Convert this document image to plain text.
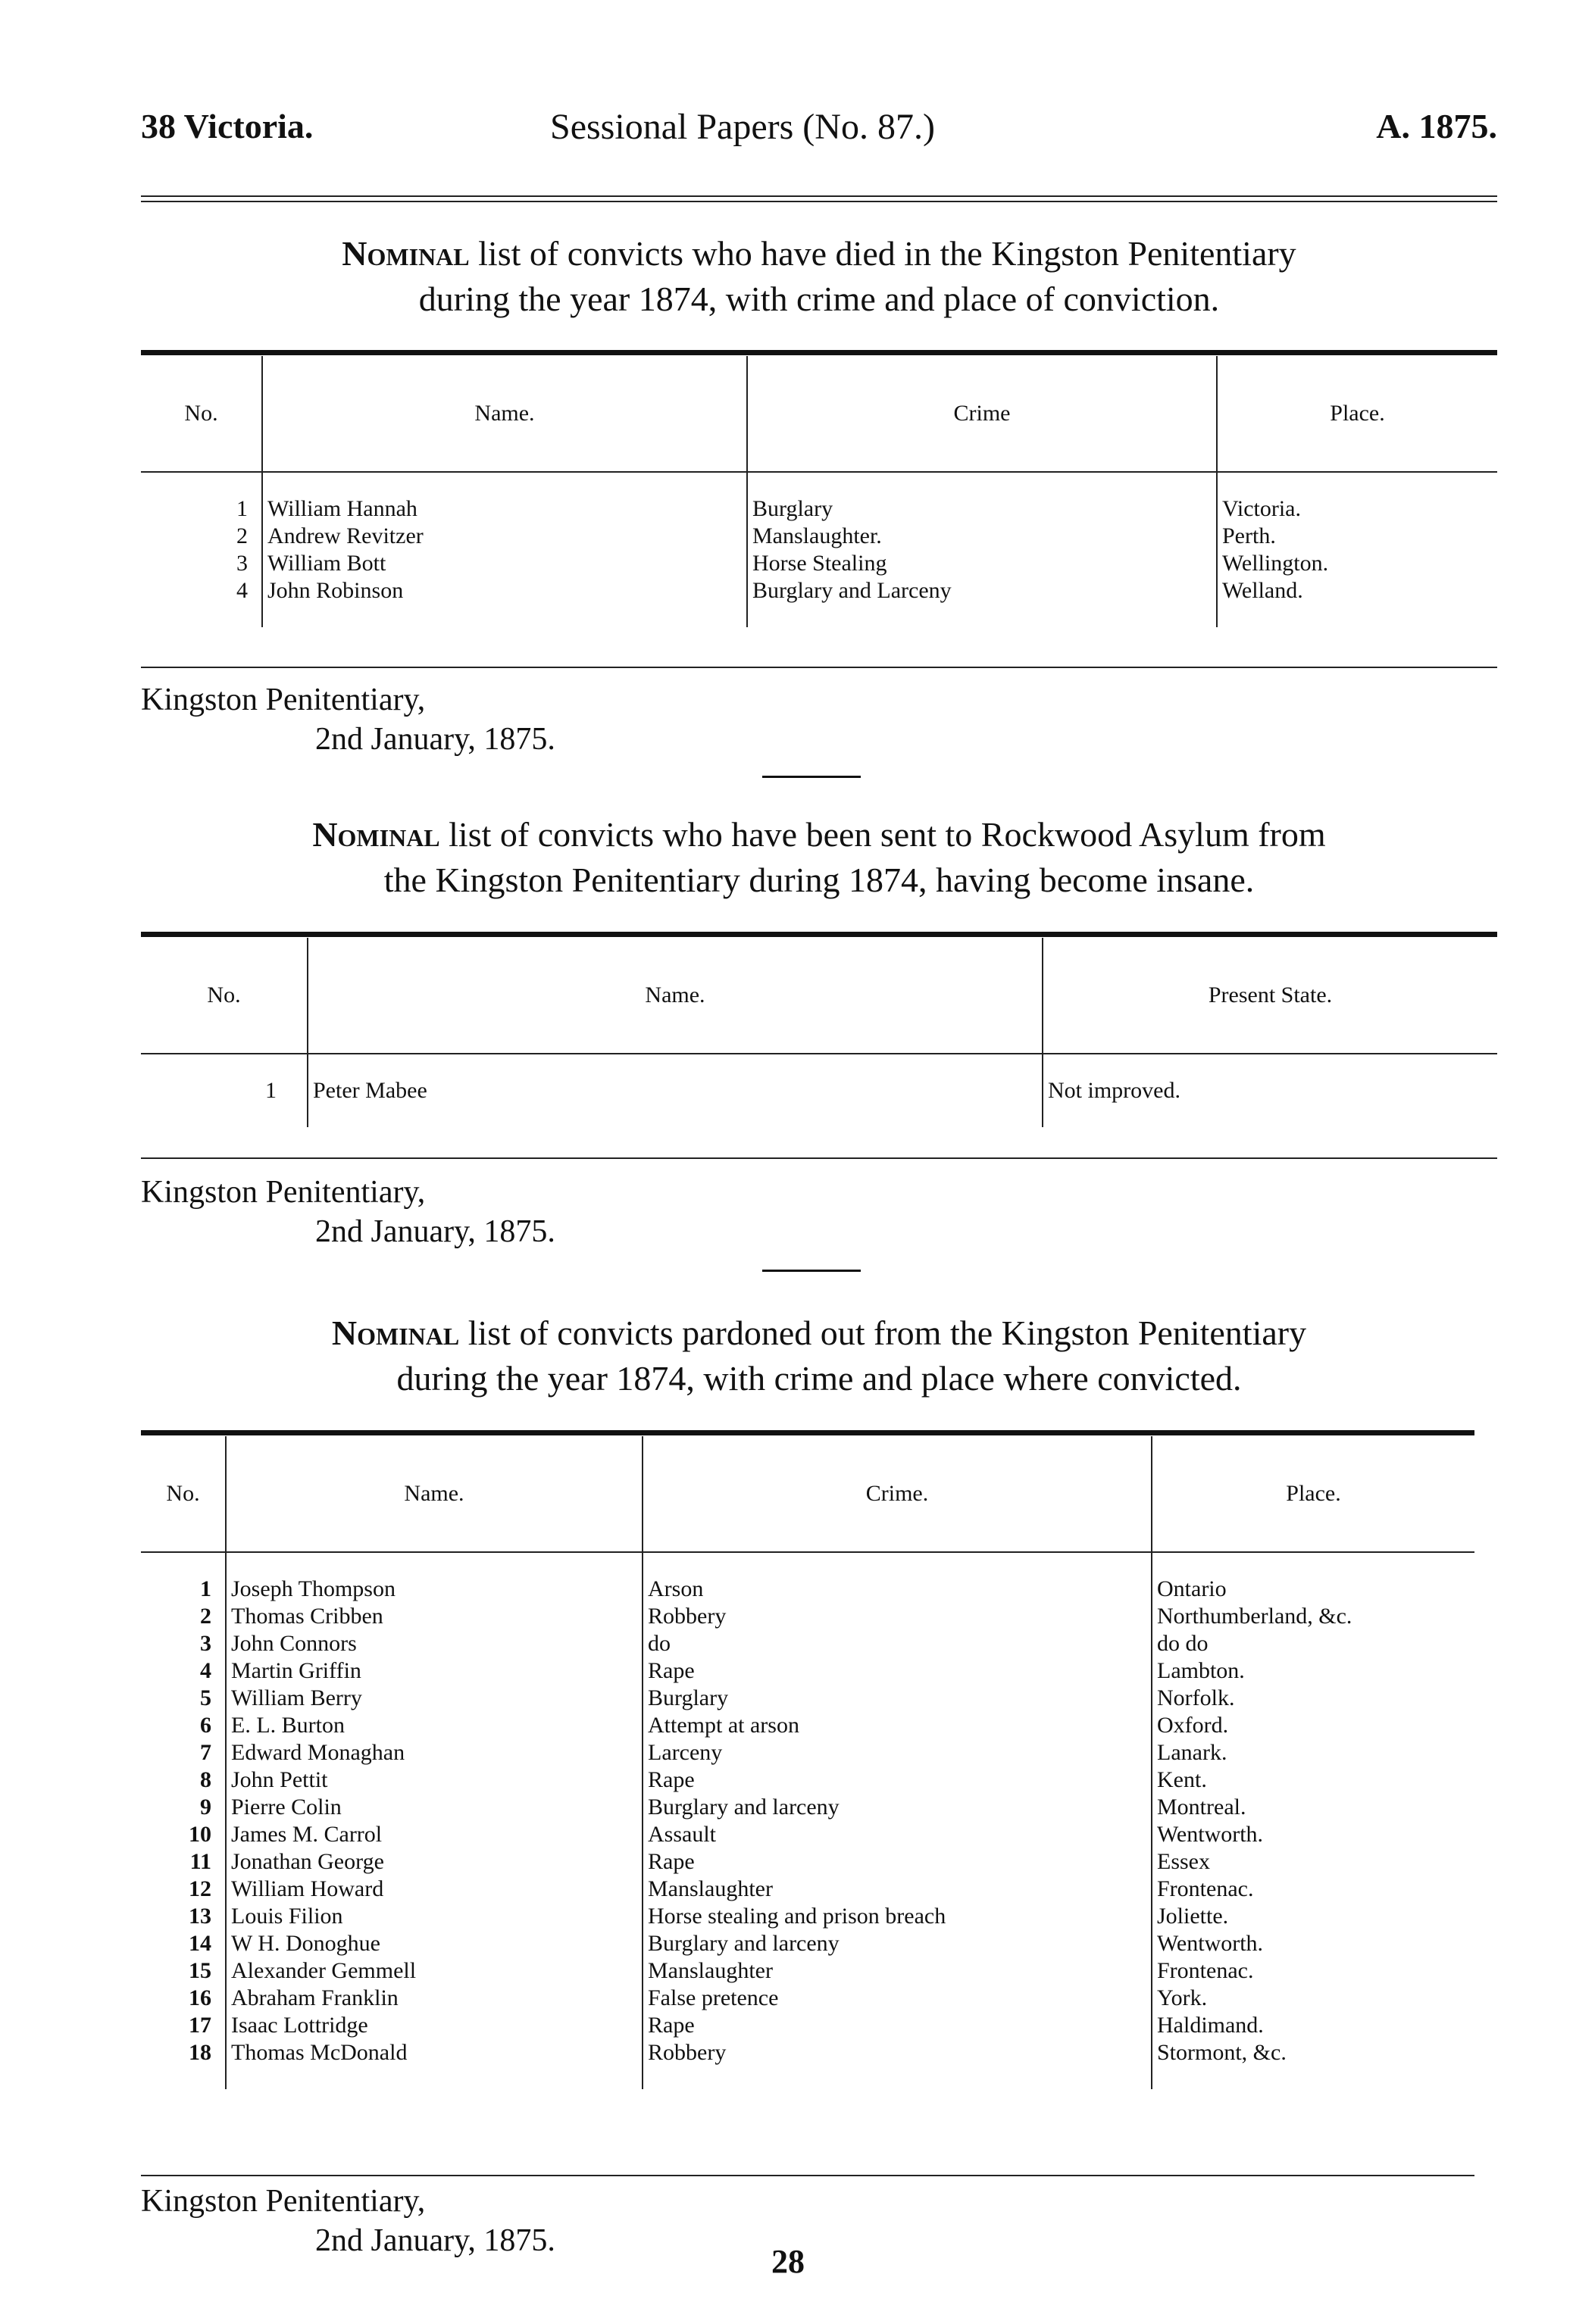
38 Victoria.	Sessional Papers (No. 87.)	A. 1875.
Nominal list of convicts who have died in the Kingston Penitentiary
during the year 1874, with crime and place of conviction.
No.	Name.	Crime	Place.

1	William Hannah	Burglary	Victoria.
2	Andrew Revitzer	Manslaughter.	Perth.
3	William Bott	Horse Stealing	Wellington.
4	John Robinson	Burglary and Larceny	Welland.

Kingston Penitentiary,
2nd January, 1875.
Nominal list of convicts who have been sent to Rockwood Asylum from
the Kingston Penitentiary during 1874, having become insane.
No.	Name.	Present State.

1	Peter Mabee	Not improved.

Kingston Penitentiary,
2nd January, 1875.
Nominal list of convicts pardoned out from the Kingston Penitentiary
during the year 1874, with crime and place where convicted.
No.	Name.	Crime.	Place.

1	Joseph Thompson	Arson	Ontario
2	Thomas Cribben	Robbery	Northumberland, &c.
3	John Connors	do	do do
4	Martin Griffin	Rape	Lambton.
5	William Berry	Burglary	Norfolk.
6	E. L. Burton	Attempt at arson	Oxford.
7	Edward Monaghan	Larceny	Lanark.
8	John Pettit	Rape	Kent.
9	Pierre Colin	Burglary and larceny	Montreal.
10	James M. Carrol	Assault	Wentworth.
11	Jonathan George	Rape	Essex
12	William Howard	Manslaughter	Frontenac.
13	Louis Filion	Horse stealing and prison breach	Joliette.
14	W H. Donoghue	Burglary and larceny	Wentworth.
15	Alexander Gemmell	Manslaughter	Frontenac.
16	Abraham Franklin	False pretence	York.
17	Isaac Lottridge	Rape	Haldimand.
18	Thomas McDonald	Robbery	Stormont, &c.

Kingston Penitentiary,
2nd January, 1875.
28
